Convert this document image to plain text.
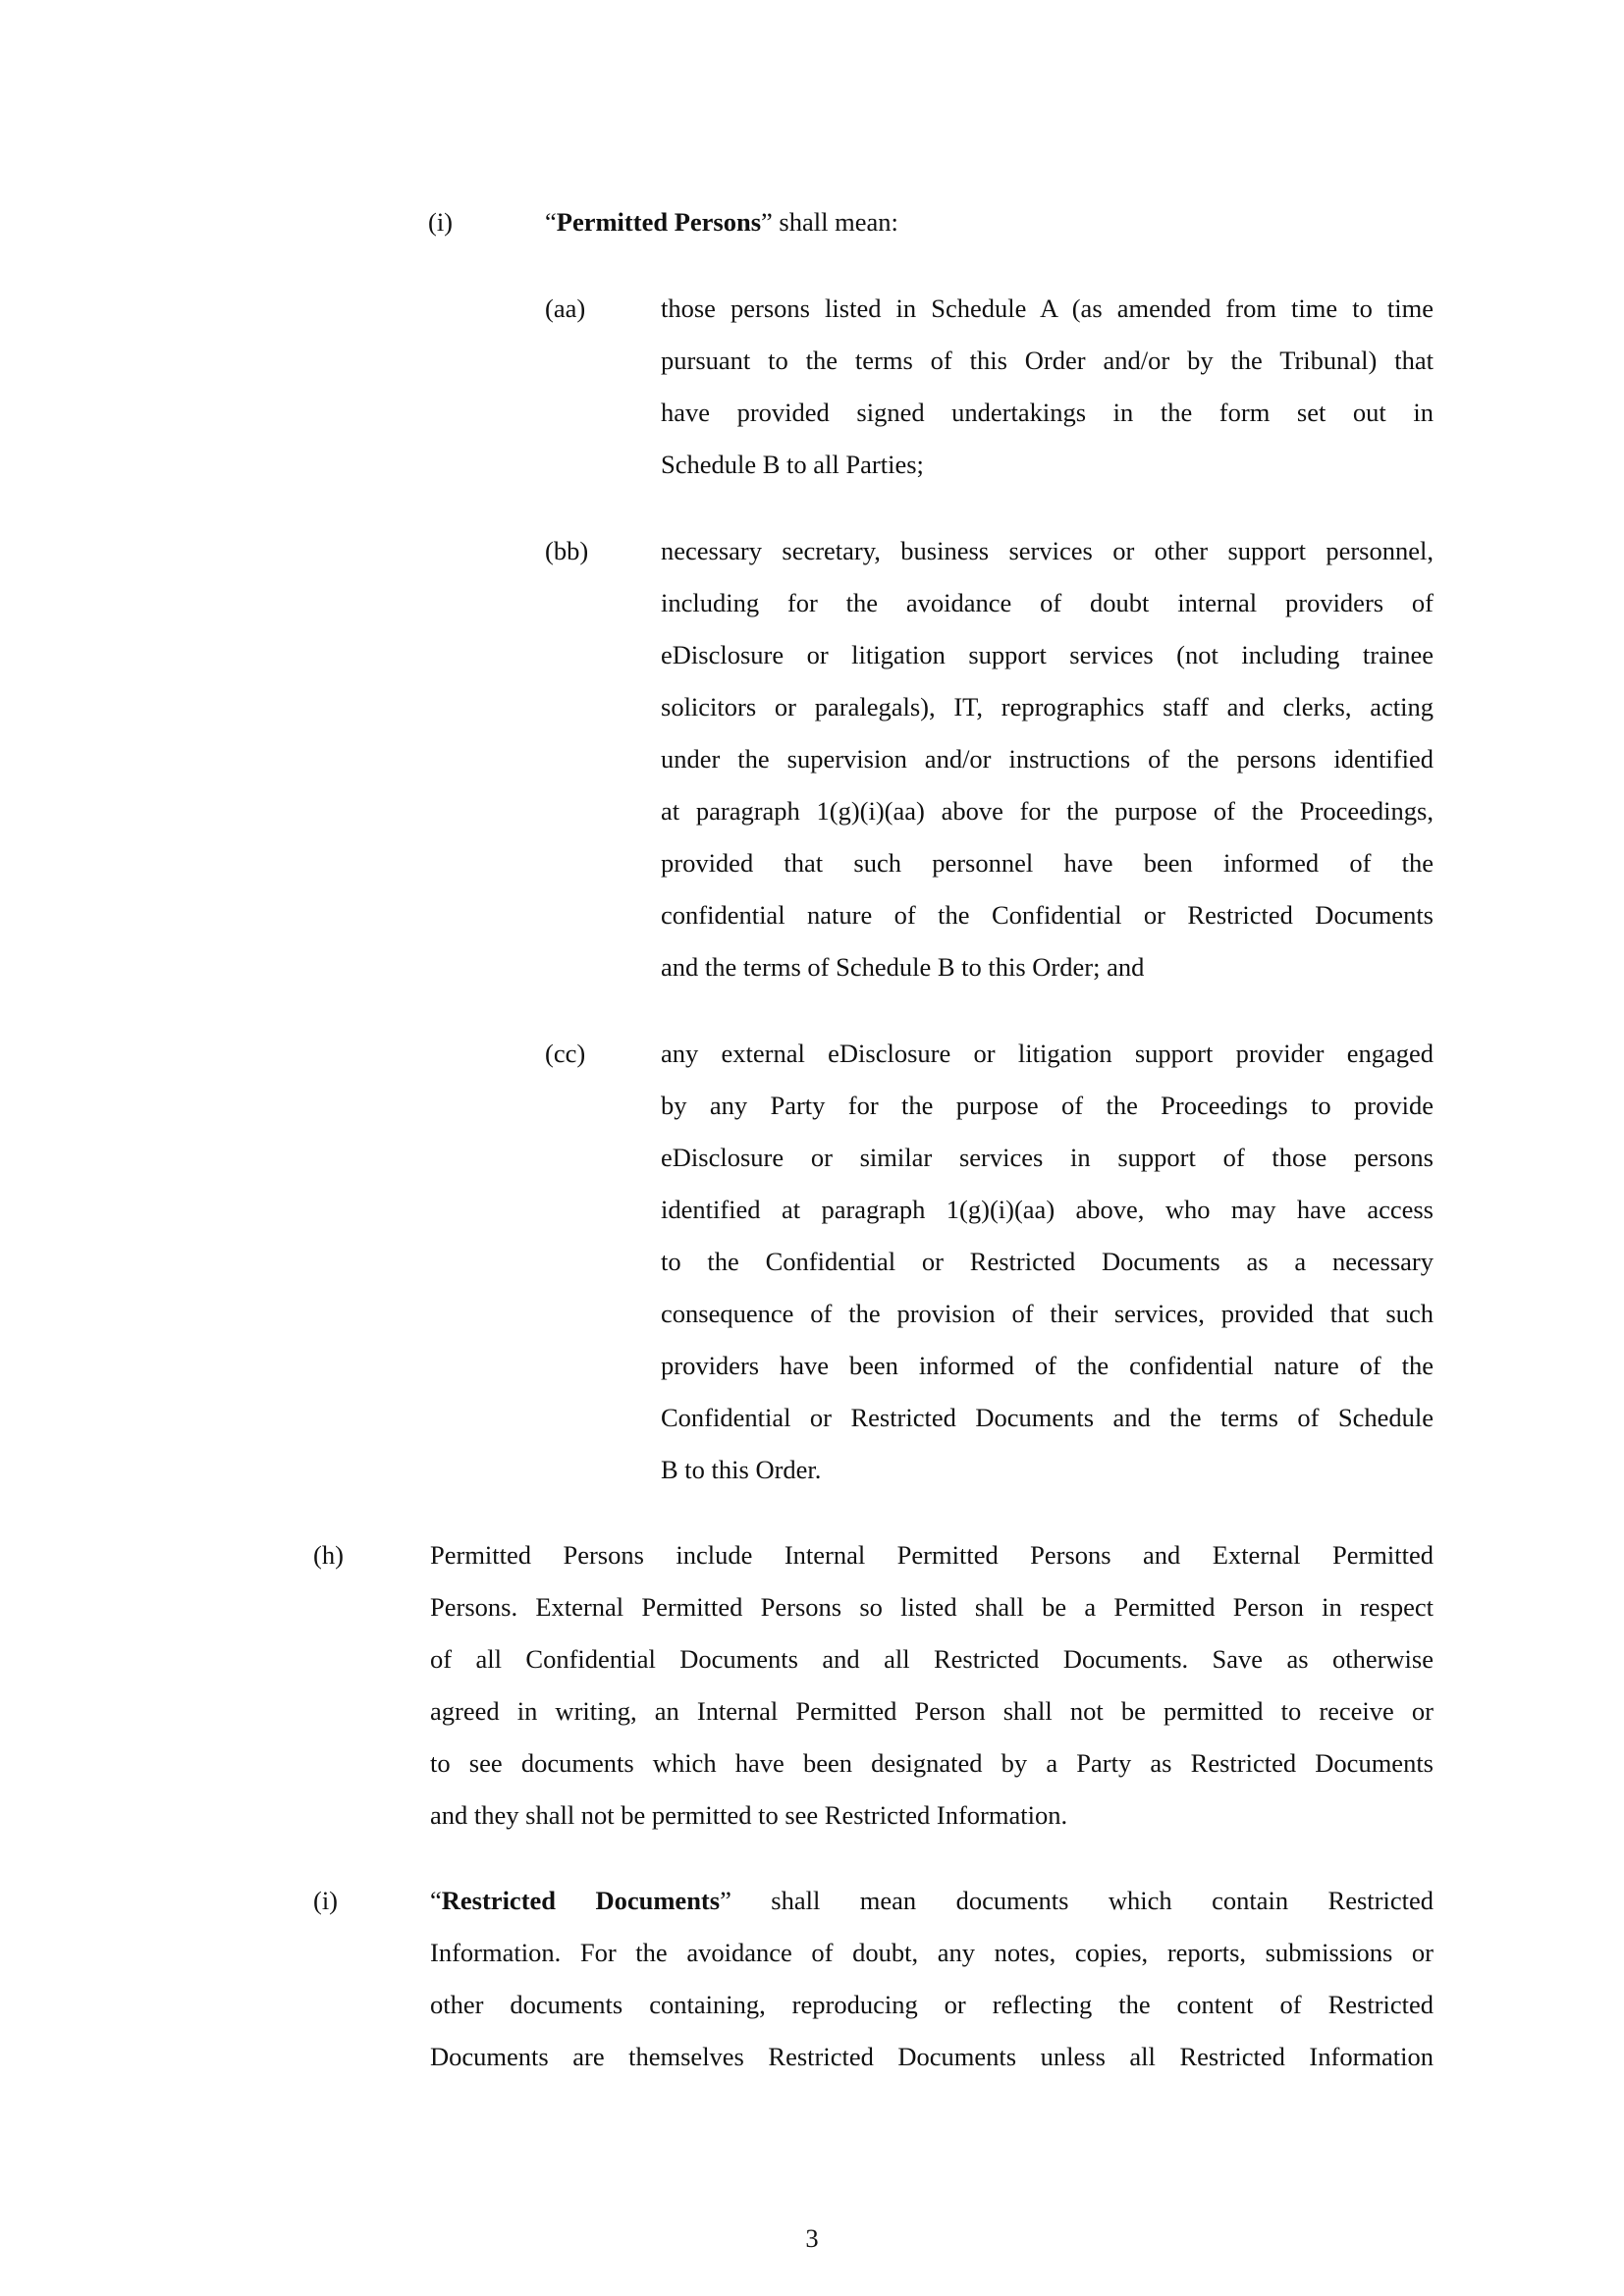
(i)	“Permitted Persons” shall mean:
(aa)	those persons listed in Schedule A (as amended from time to time
pursuant to the terms of this Order and/or by the Tribunal) that
have provided signed undertakings in the form set out in
Schedule B to all Parties;
(bb)	necessary secretary, business services or other support personnel,
including for the avoidance of doubt internal providers of
eDisclosure or litigation support services (not including trainee
solicitors or paralegals), IT, reprographics staff and clerks, acting
under the supervision and/or instructions of the persons identified
at paragraph 1(g)(i)(aa) above for the purpose of the Proceedings,
provided that such personnel have been informed of the
confidential nature of the Confidential or Restricted Documents
and the terms of Schedule B to this Order; and
(cc)	any external eDisclosure or litigation support provider engaged
by any Party for the purpose of the Proceedings to provide
eDisclosure or similar services in support of those persons
identified at paragraph 1(g)(i)(aa) above, who may have access
to the Confidential or Restricted Documents as a necessary
consequence of the provision of their services, provided that such
providers have been informed of the confidential nature of the
Confidential or Restricted Documents and the terms of Schedule
B to this Order.
(h)	Permitted Persons include Internal Permitted Persons and External Permitted
Persons. External Permitted Persons so listed shall be a Permitted Person in respect
of all Confidential Documents and all Restricted Documents. Save as otherwise
agreed in writing, an Internal Permitted Person shall not be permitted to receive or
to see documents which have been designated by a Party as Restricted Documents
and they shall not be permitted to see Restricted Information.
(i)	“Restricted Documents” shall mean documents which contain Restricted
Information. For the avoidance of doubt, any notes, copies, reports, submissions or
other documents containing, reproducing or reflecting the content of Restricted
Documents are themselves Restricted Documents unless all Restricted Information
3
